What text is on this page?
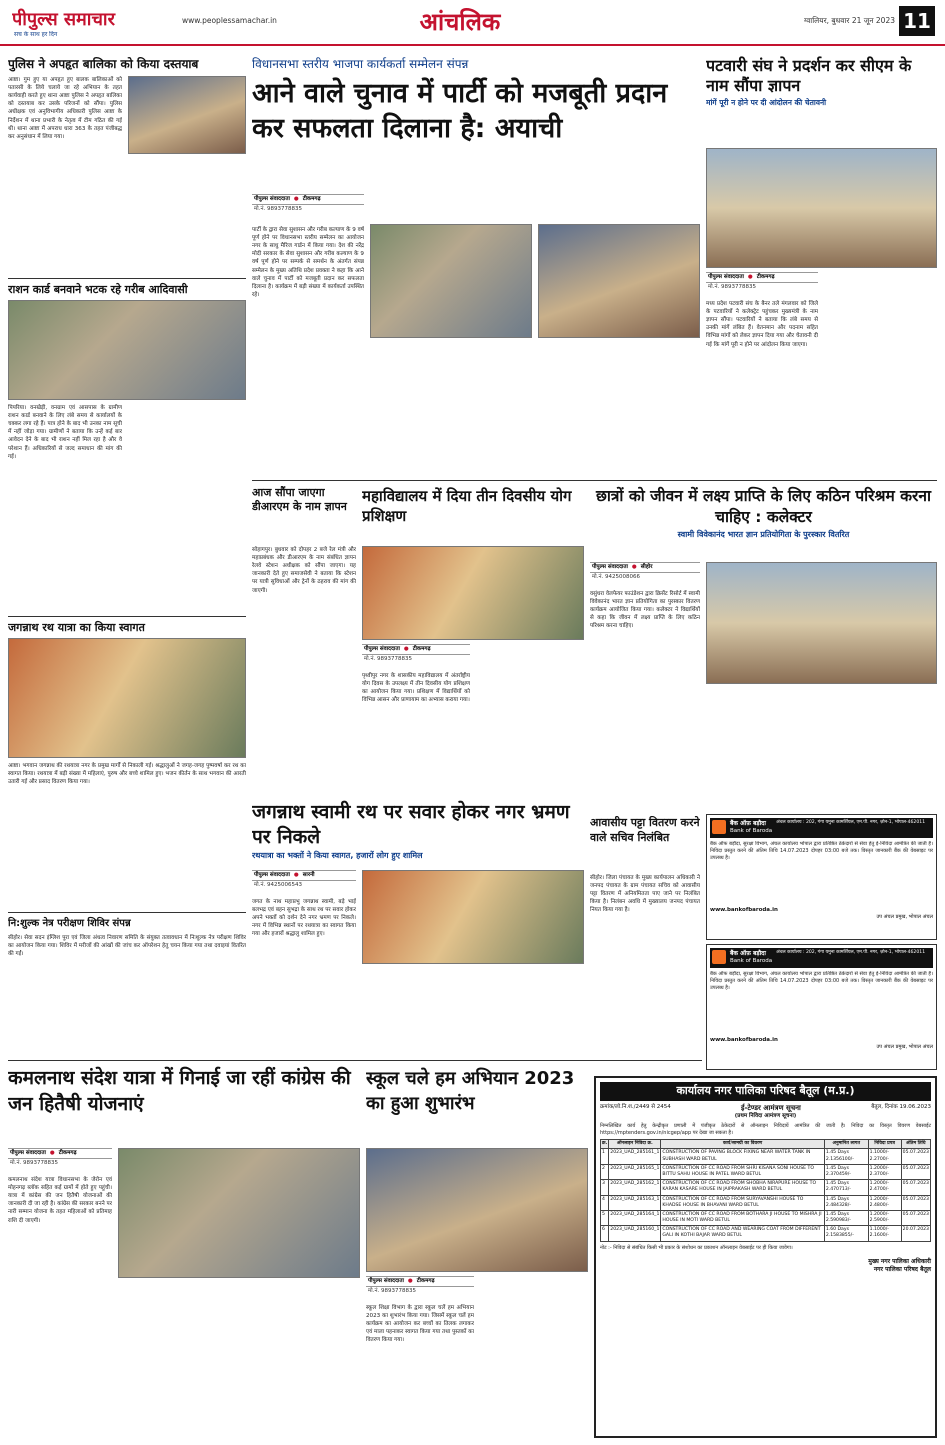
पीपुल्स समाचार
सच के साथ हर दिन
www.peoplessamachar.in	आंचलिक	ग्वालियर, बुधवार 21 जून 2023 11
पुलिस ने अपहृत बालिका को किया दस्तयाब
आष्टा। गुम हुए या अपहृत हुए बालक बालिकाओं को पतारसी के लिये चलाये जा रहे अभियान के तहत कार्यवाही करते हुए थाना आष्टा पुलिस ने अपहृत बालिका को दस्तयाब कर उसके परिजनों को सौंपा। पुलिस अधीक्षक एवं अनुविभागीय अधिकारी पुलिस आष्टा के निर्देशन में थाना प्रभारी के नेतृत्व में टीम गठित की गई थी। थाना आष्टा में अपराध धारा 363 के तहत पंजीबद्ध कर अनुसंधान में लिया गया।
राशन कार्ड बनवाने भटक रहे गरीब आदिवासी
पिपरिया। वनखेड़ी, वनग्राम एवं आसपास के ग्रामीण राशन कार्ड बनवाने के लिए लंबे समय से कार्यालयों के चक्कर लगा रहे हैं। पात्र होने के बाद भी उनका नाम सूची में नहीं जोड़ा गया। ग्रामीणों ने बताया कि उन्हें कई बार आवेदन देने के बाद भी राशन नहीं मिल रहा है और वे परेशान हैं। अधिकारियों से जल्द समाधान की मांग की गई।
जगन्नाथ रथ यात्रा का किया स्वागत
आष्टा। भगवान जगन्नाथ की रथयात्रा नगर के प्रमुख मार्गों से निकाली गई। श्रद्धालुओं ने जगह-जगह पुष्पवर्षा कर रथ का स्वागत किया। रथयात्रा में बड़ी संख्या में महिलाएं, पुरुष और बच्चे शामिल हुए। भजन कीर्तन के साथ भगवान की आरती उतारी गई और प्रसाद वितरण किया गया।
नि:शुल्क नेत्र परीक्षण शिविर संपन्न
सीहोर। सेवा सदन इंग्लिश पुरा एवं जिला अंधत्व निवारण समिति के संयुक्त तत्वावधान में निःशुल्क नेत्र परीक्षण शिविर का आयोजन किया गया। शिविर में मरीजों की आंखों की जांच कर ऑपरेशन हेतु चयन किया गया तथा दवाइयां वितरित की गईं।
विधानसभा स्तरीय भाजपा कार्यकर्ता सम्मेलन संपन्न
आने वाले चुनाव में पार्टी को मजबूती प्रदान कर सफलता दिलाना है: अयाची
पीपुल्स संवाददाता ● टीकमगढ़
मो.नं. 9893778835
पार्टी के द्वारा सेवा सुशासन और गरीब कल्याण के 9 वर्ष पूर्ण होने पर विधानसभा स्तरीय सम्मेलन का आयोजन नगर के साधु मैरिज गार्डन में किया गया। देश की नरेंद्र मोदी सरकार के सेवा सुशासन और गरीब कल्याण के 9 वर्ष पूर्ण होने पर सम्पर्क से समर्थन के अंतर्गत संपन्न सम्मेलन के मुख्य अतिथि प्रदेश प्रवक्ता ने कहा कि आने वाले चुनाव में पार्टी को मजबूती प्रदान कर सफलता दिलाना है। कार्यक्रम में बड़ी संख्या में कार्यकर्ता उपस्थित रहे।
पटवारी संघ ने प्रदर्शन कर सीएम के नाम सौंपा ज्ञापन
मांगें पूरी न होने पर दी आंदोलन की चेतावनी
पीपुल्स संवाददाता ● टीकमगढ़
मो.नं. 9893778835
मध्य प्रदेश पटवारी संघ के बैनर तले मंगलवार को जिले के पटवारियों ने कलेक्ट्रेट पहुंचकर मुख्यमंत्री के नाम ज्ञापन सौंपा। पटवारियों ने बताया कि लंबे समय से उनकी मांगें लंबित हैं। वेतनमान और पदनाम सहित विभिन्न मांगों को लेकर ज्ञापन दिया गया और चेतावनी दी गई कि मांगें पूरी न होने पर आंदोलन किया जाएगा।
आज सौंपा जाएगा डीआरएम के नाम ज्ञापन
सोहागपुर। बुधवार को दोपहर 2 बजे रेल मंत्री और महाप्रबंधक और डीआरएम के नाम संबंधित ज्ञापन रेलवे स्टेशन अधीक्षक को सौंपा जाएगा। यह जानकारी देते हुए समाजसेवी ने बताया कि स्टेशन पर यात्री सुविधाओं और ट्रेनों के ठहराव की मांग की जाएगी।
महाविद्यालय में दिया तीन दिवसीय योग प्रशिक्षण
पीपुल्स संवाददाता ● टीकमगढ़
मो.नं. 9893778835
पृथ्वीपुर नगर के शासकीय महाविद्यालय में अंतर्राष्ट्रीय योग दिवस के उपलक्ष्य में तीन दिवसीय योग प्रशिक्षण का आयोजन किया गया। प्रशिक्षण में विद्यार्थियों को विभिन्न आसन और प्राणायाम का अभ्यास कराया गया।
छात्रों को जीवन में लक्ष्य प्राप्ति के लिए कठिन परिश्रम करना चाहिए : कलेक्टर
स्वामी विवेकानंद भारत ज्ञान प्रतियोगिता के पुरस्कार वितरित
पीपुल्स संवाददाता ● सीहोर
मो.नं. 9425008066
वसुंधरा वेलफेयर फाउंडेशन द्वारा क्रिसेंट रिसोर्ट में स्वामी विवेकानंद भारत ज्ञान प्रतियोगिता का पुरस्कार वितरण कार्यक्रम आयोजित किया गया। कलेक्टर ने विद्यार्थियों से कहा कि जीवन में लक्ष्य प्राप्ति के लिए कठिन परिश्रम करना चाहिए।
जगन्नाथ स्वामी रथ पर सवार होकर नगर भ्रमण पर निकले
रथयात्रा का भक्तों ने किया स्वागत, हजारों लोग हुए शामिल
पीपुल्स संवाददाता ● सारनी
मो.नं. 9425006543
जगत के नाथ महाप्रभु जगन्नाथ स्वामी, बड़े भाई बलभद्र एवं बहन सुभद्रा के साथ रथ पर सवार होकर अपने भक्तों को दर्शन देने नगर भ्रमण पर निकले। नगर में विभिन्न स्थानों पर रथयात्रा का स्वागत किया गया और हजारों श्रद्धालु शामिल हुए।
आवासीय पट्टा वितरण करने वाले सचिव निलंबित
सीहोर। जिला पंचायत के मुख्य कार्यपालन अधिकारी ने जनपद पंचायत के ग्राम पंचायत सचिव को आवासीय पट्टा वितरण में अनियमितता पाए जाने पर निलंबित किया है। निलंबन अवधि में मुख्यालय जनपद पंचायत नियत किया गया है।
बैंक ऑफ़ बड़ौदा
Bank of Baroda
अंचल कार्यालय : 202, गंगा यमुना कामर्शियल, एम.पी. नगर, ज़ोन-1, भोपाल-462011
बैंक ऑफ बड़ौदा, सुरक्षा विभाग, अंचल कार्यालय भोपाल द्वारा प्रतिष्ठित ठेकेदारों से सेवा हेतु ई-निविदा आमंत्रित की जाती है। निविदा प्रस्तुत करने की अंतिम तिथि 14.07.2023 दोपहर 03:00 बजे तक। विस्तृत जानकारी बैंक की वेबसाइट पर उपलब्ध है।
www.bankofbaroda.in
उप अंचल प्रमुख, भोपाल अंचल
बैंक ऑफ़ बड़ौदा
Bank of Baroda
अंचल कार्यालय : 202, गंगा यमुना कामर्शियल, एम.पी. नगर, ज़ोन-1, भोपाल-462011
बैंक ऑफ बड़ौदा, सुरक्षा विभाग, अंचल कार्यालय भोपाल द्वारा प्रतिष्ठित ठेकेदारों से सेवा हेतु ई-निविदा आमंत्रित की जाती है। निविदा प्रस्तुत करने की अंतिम तिथि 14.07.2023 दोपहर 03:00 बजे तक। विस्तृत जानकारी बैंक की वेबसाइट पर उपलब्ध है।
www.bankofbaroda.in
उप अंचल प्रमुख, भोपाल अंचल
कमलनाथ संदेश यात्रा में गिनाई जा रहीं कांग्रेस की जन हितैषी योजनाएं
पीपुल्स संवाददाता ● टीकमगढ़
मो.नं. 9893778835
कमलनाथ संदेश यात्रा विधानसभा के जेरोन एवं मोहनगढ़ ब्लॉक सहित कई ग्रामों में होते हुए पहुंची। यात्रा में कांग्रेस की जन हितैषी योजनाओं की जानकारी दी जा रही है। कांग्रेस की सरकार बनने पर नारी सम्मान योजना के तहत महिलाओं को प्रतिमाह राशि दी जाएगी।
स्कूल चले हम अभियान 2023 का हुआ शुभारंभ
पीपुल्स संवाददाता ● टीकमगढ़
मो.नं. 9893778835
स्कूल शिक्षा विभाग के द्वारा स्कूल चलें हम अभियान 2023 का शुभारंभ किया गया। जिसमें स्कूल चलें हम कार्यक्रम का आयोजन कर बच्चों का तिलक लगाकर एवं माला पहनाकर स्वागत किया गया तथा पुस्तकों का वितरण किया गया।
कार्यालय नगर पालिका परिषद बैतूल (म.प्र.)
क्रमांक/लो.नि.श./2449 से 2454	ई-टेण्डर आमंत्रण सूचना	बैतूल, दिनांक 19.06.2023
(प्रथम निविदा आमंत्रण सूचना)
निम्नलिखित कार्य हेतु केन्द्रीकृत प्रणाली में पंजीकृत ठेकेदारों से ऑनलाइन निविदायें आमंत्रित की जाती है। निविदा का विस्तृत विवरण वेबसाईट https://mptenders.gov.in/nicgep/app पर देखा जा सकता है।
क्र.	ऑनलाइन निविदा क्र.	कार्य/सामग्री का विवरण	अनुमानित लागत	निविदा प्रपत्र	अंतिम तिथि
1	2023_UAD_285161_1	CONSTRUCTION OF PAVING BLOCK FIXING NEAR WATER TANK IN SUBHASH WARD BETUL	1.45 Days 2.1356100/-	1.1000/- 2.2700/-	05.07.2023
2	2023_UAD_285165_1	CONSTRUCTION OF CC ROAD FROM SHRI KISANA SONI HOUSE TO BITTU SAHU HOUSE IN PATEL WARD BETUL	1.45 Days 2.370459/-	1.2000/- 2.3700/-	05.07.2023
3	2023_UAD_285162_1	CONSTRUCTION OF CC ROAD FROM SHOBHA NIRAPURE HOUSE TO KARAN KASARE HOUSE IN JAIPRAKASH WARD BETUL	1.45 Days 2.470713/-	1.2000/- 2.4700/-	05.07.2023
4	2023_UAD_285163_1	CONSTRUCTION OF CC ROAD FROM SURYAVANSHI HOUSE TO KHADSE HOUSE IN BHAVANI WARD BETUL	1.45 Days 2.484328/-	1.2000/- 2.4800/-	05.07.2023
5	2023_UAD_285164_1	CONSTRUCTION OF CC ROAD FROM BOTHARA JI HOUSE TO MISHRA JI HOUSE IN MOTI WARD BETUL	1.45 Days 2.590983/-	1.2000/- 2.5900/-	05.07.2023
6	2023_UAD_285160_1	CONSTRUCTION OF CC ROAD AND WEARING COAT FROM DIFFERENT GALI IN KOTHI BAJAR WARD BETUL	1.60 Days 2.1583855/-	1.1000/- 2.1600/-	20.07.2023
नोट :- निविदा से संबंधित किसी भी प्रकार के संशोधन का प्रकाशन ऑनलाइन वेबसाईट पर ही किया जावेगा।
मुख्य नगर पालिका अधिकारी
नगर पालिका परिषद बैतूल
